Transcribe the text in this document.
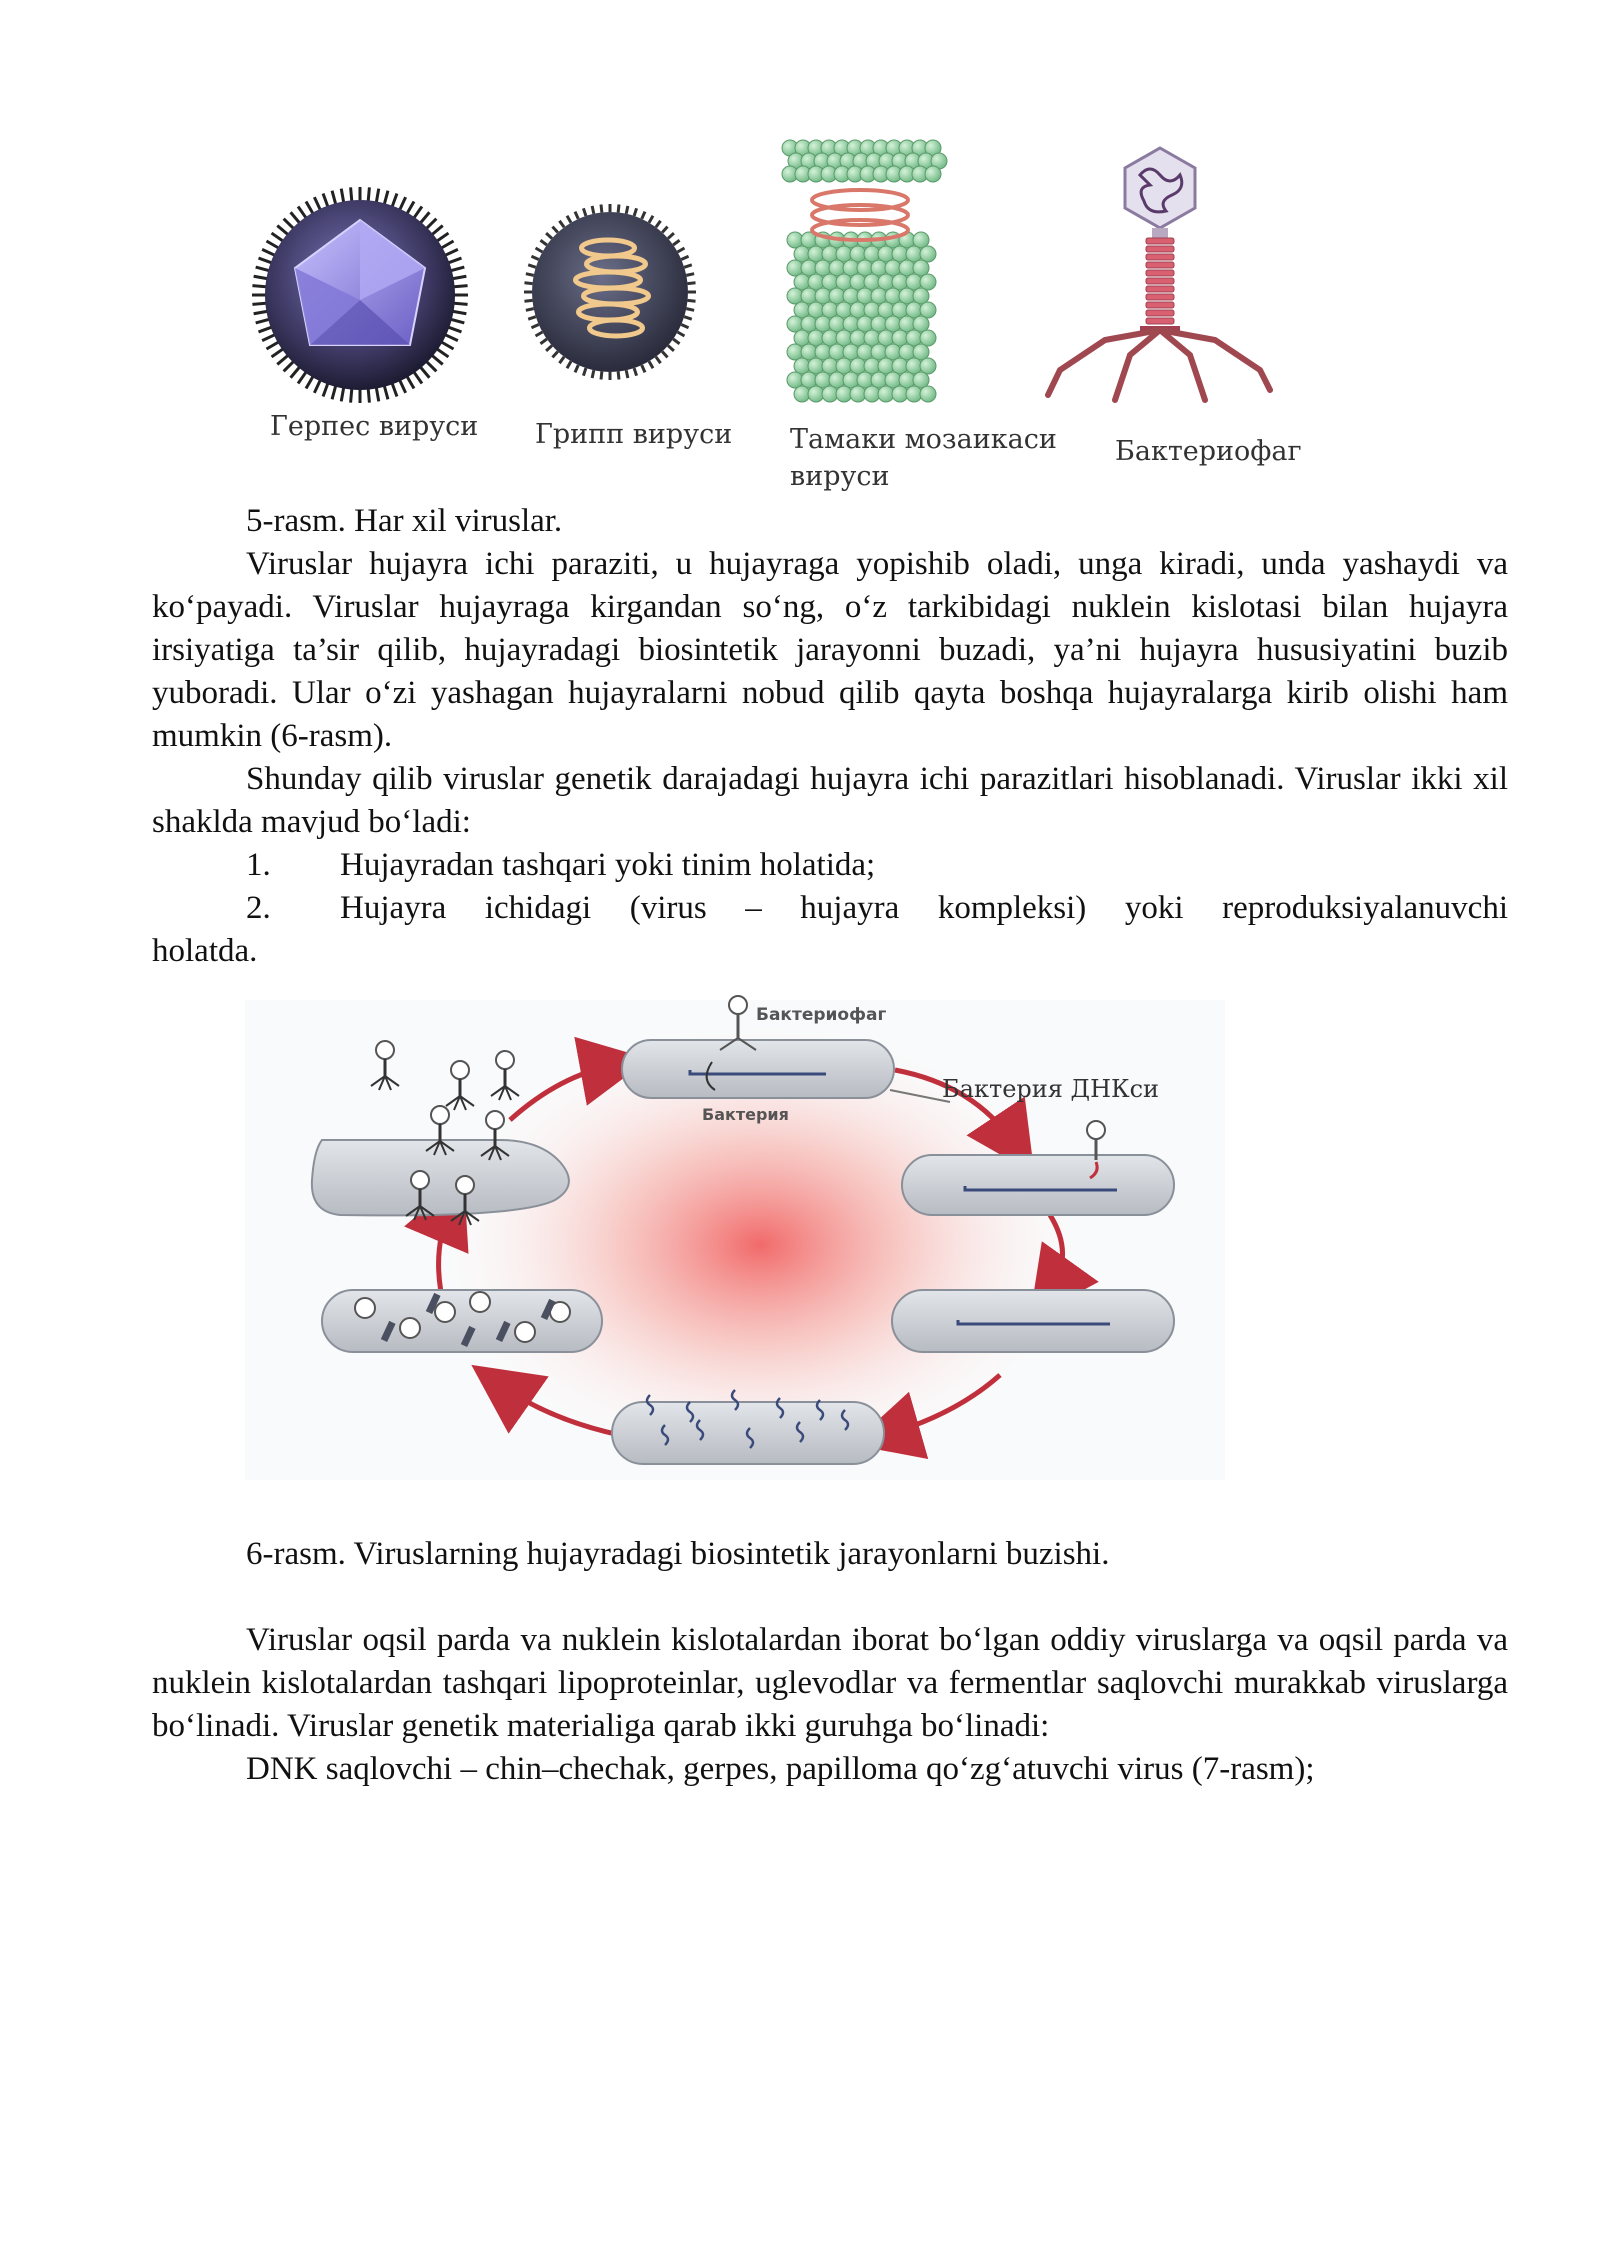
Герпес вируси Грипп вируси Тамаки мозаикаси
вируси
Бактериофаг

5-rasm. Har xil viruslar.

Viruslar hujayra ichi paraziti, u hujayraga yopishib oladi, unga kiradi, unda yashaydi va ko‘payadi. Viruslar hujayraga kirgandan so‘ng, o‘z tarkibidagi nuklein kislotasi bilan hujayra irsiyatiga ta’sir qilib, hujayradagi biosintetik jarayonni buzadi, ya’ni hujayra hususiyatini buzib yuboradi. Ular o‘zi yashagan hujayralarni nobud qilib qayta boshqa hujayralarga kirib olishi ham mumkin (6-rasm).

Shunday qilib viruslar genetik darajadagi hujayra ichi parazitlari hisoblanadi. Viruslar ikki xil shaklda mavjud bo‘ladi:

1.	Hujayradan tashqari yoki tinim holatida;
2.	Hujayra ichidagi (virus – hujayra kompleksi) yoki reproduksiyalanuvchi

holatda.

Бактериофаг
Бактерия
Бактерия ДНКси

6-rasm. Viruslarning hujayradagi biosintetik jarayonlarni buzishi.

Viruslar oqsil parda va nuklein kislotalardan iborat bo‘lgan oddiy viruslarga va oqsil parda va nuklein kislotalardan tashqari lipoproteinlar, uglevodlar va fermentlar saqlovchi murakkab viruslarga bo‘linadi. Viruslar genetik materialiga qarab ikki guruhga bo‘linadi:

DNK saqlovchi – chin–chechak, gerpes, papilloma qo‘zg‘atuvchi virus (7-rasm);
